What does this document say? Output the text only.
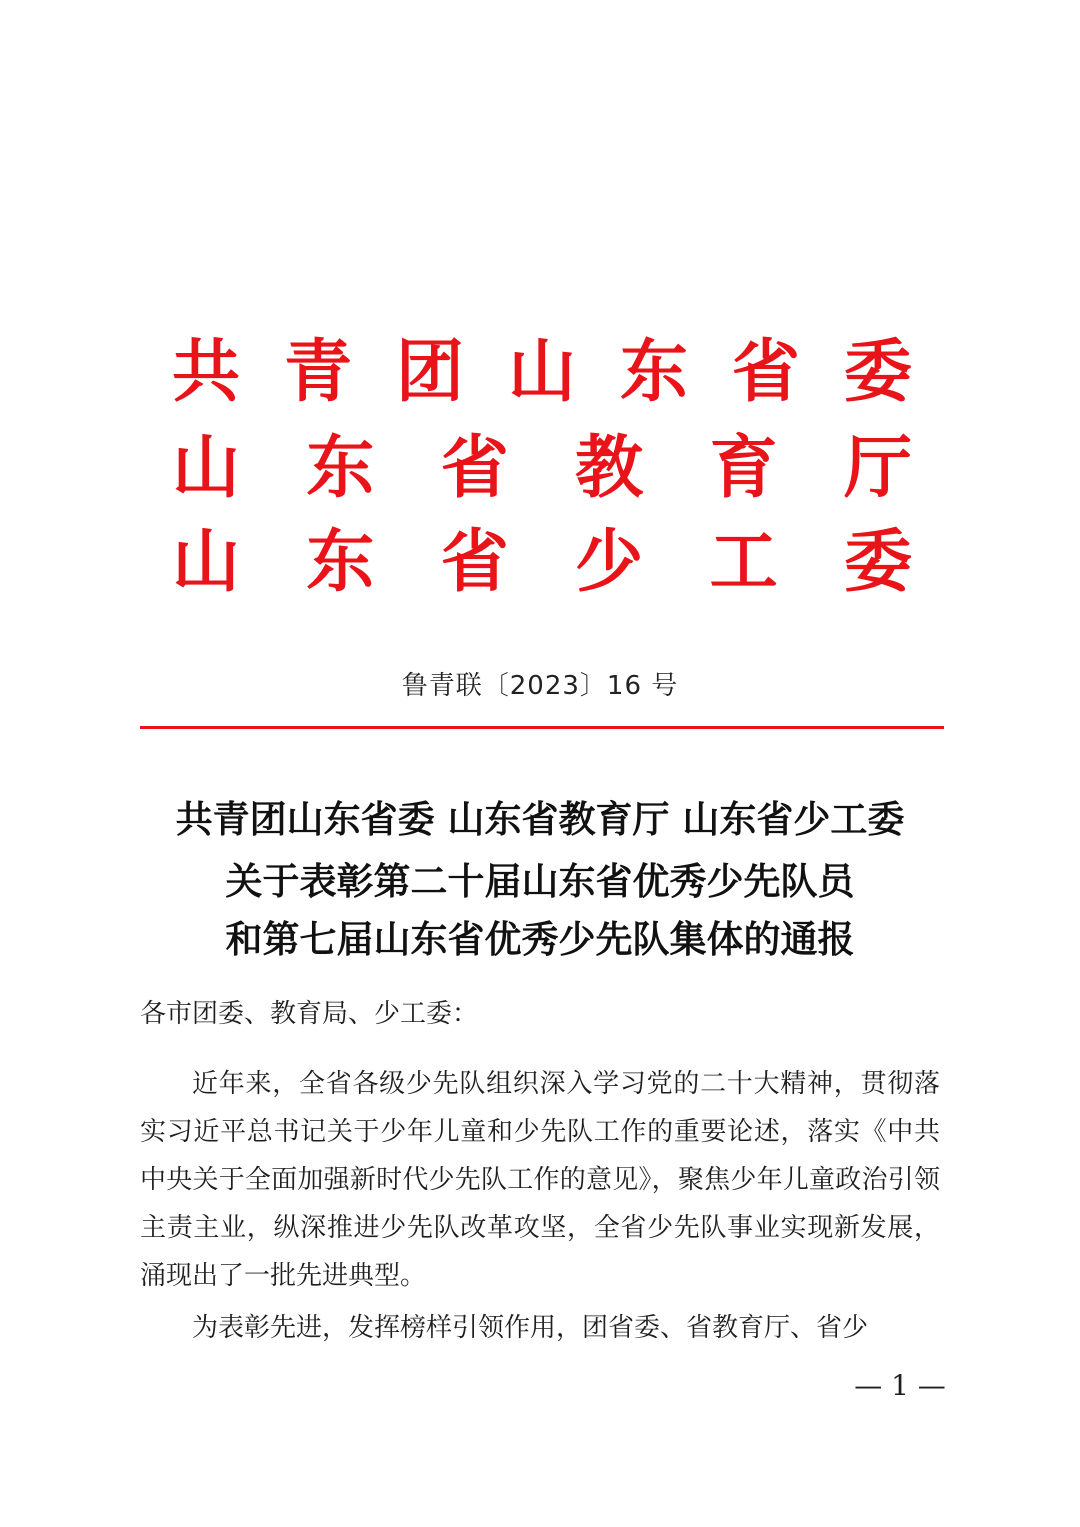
共 青 团 山 东 省 委
山 东 省 教 育 厅
山 东 省 少 工 委
鲁青联〔2023〕16 号
共青团山东省委 山东省教育厅 山东省少工委
关于表彰第二十届山东省优秀少先队员
和第七届山东省优秀少先队集体的通报
各市团委、教育局、少工委：
近年来，全省各级少先队组织深入学习党的二十大精神，贯彻落实习近平总书记关于少年儿童和少先队工作的重要论述，落实《中共中央关于全面加强新时代少先队工作的意见》，聚焦少年儿童政治引领主责主业，纵深推进少先队改革攻坚，全省少先队事业实现新发展，涌现出了一批先进典型。
为表彰先进，发挥榜样引领作用，团省委、省教育厅、省少
— 1 —
